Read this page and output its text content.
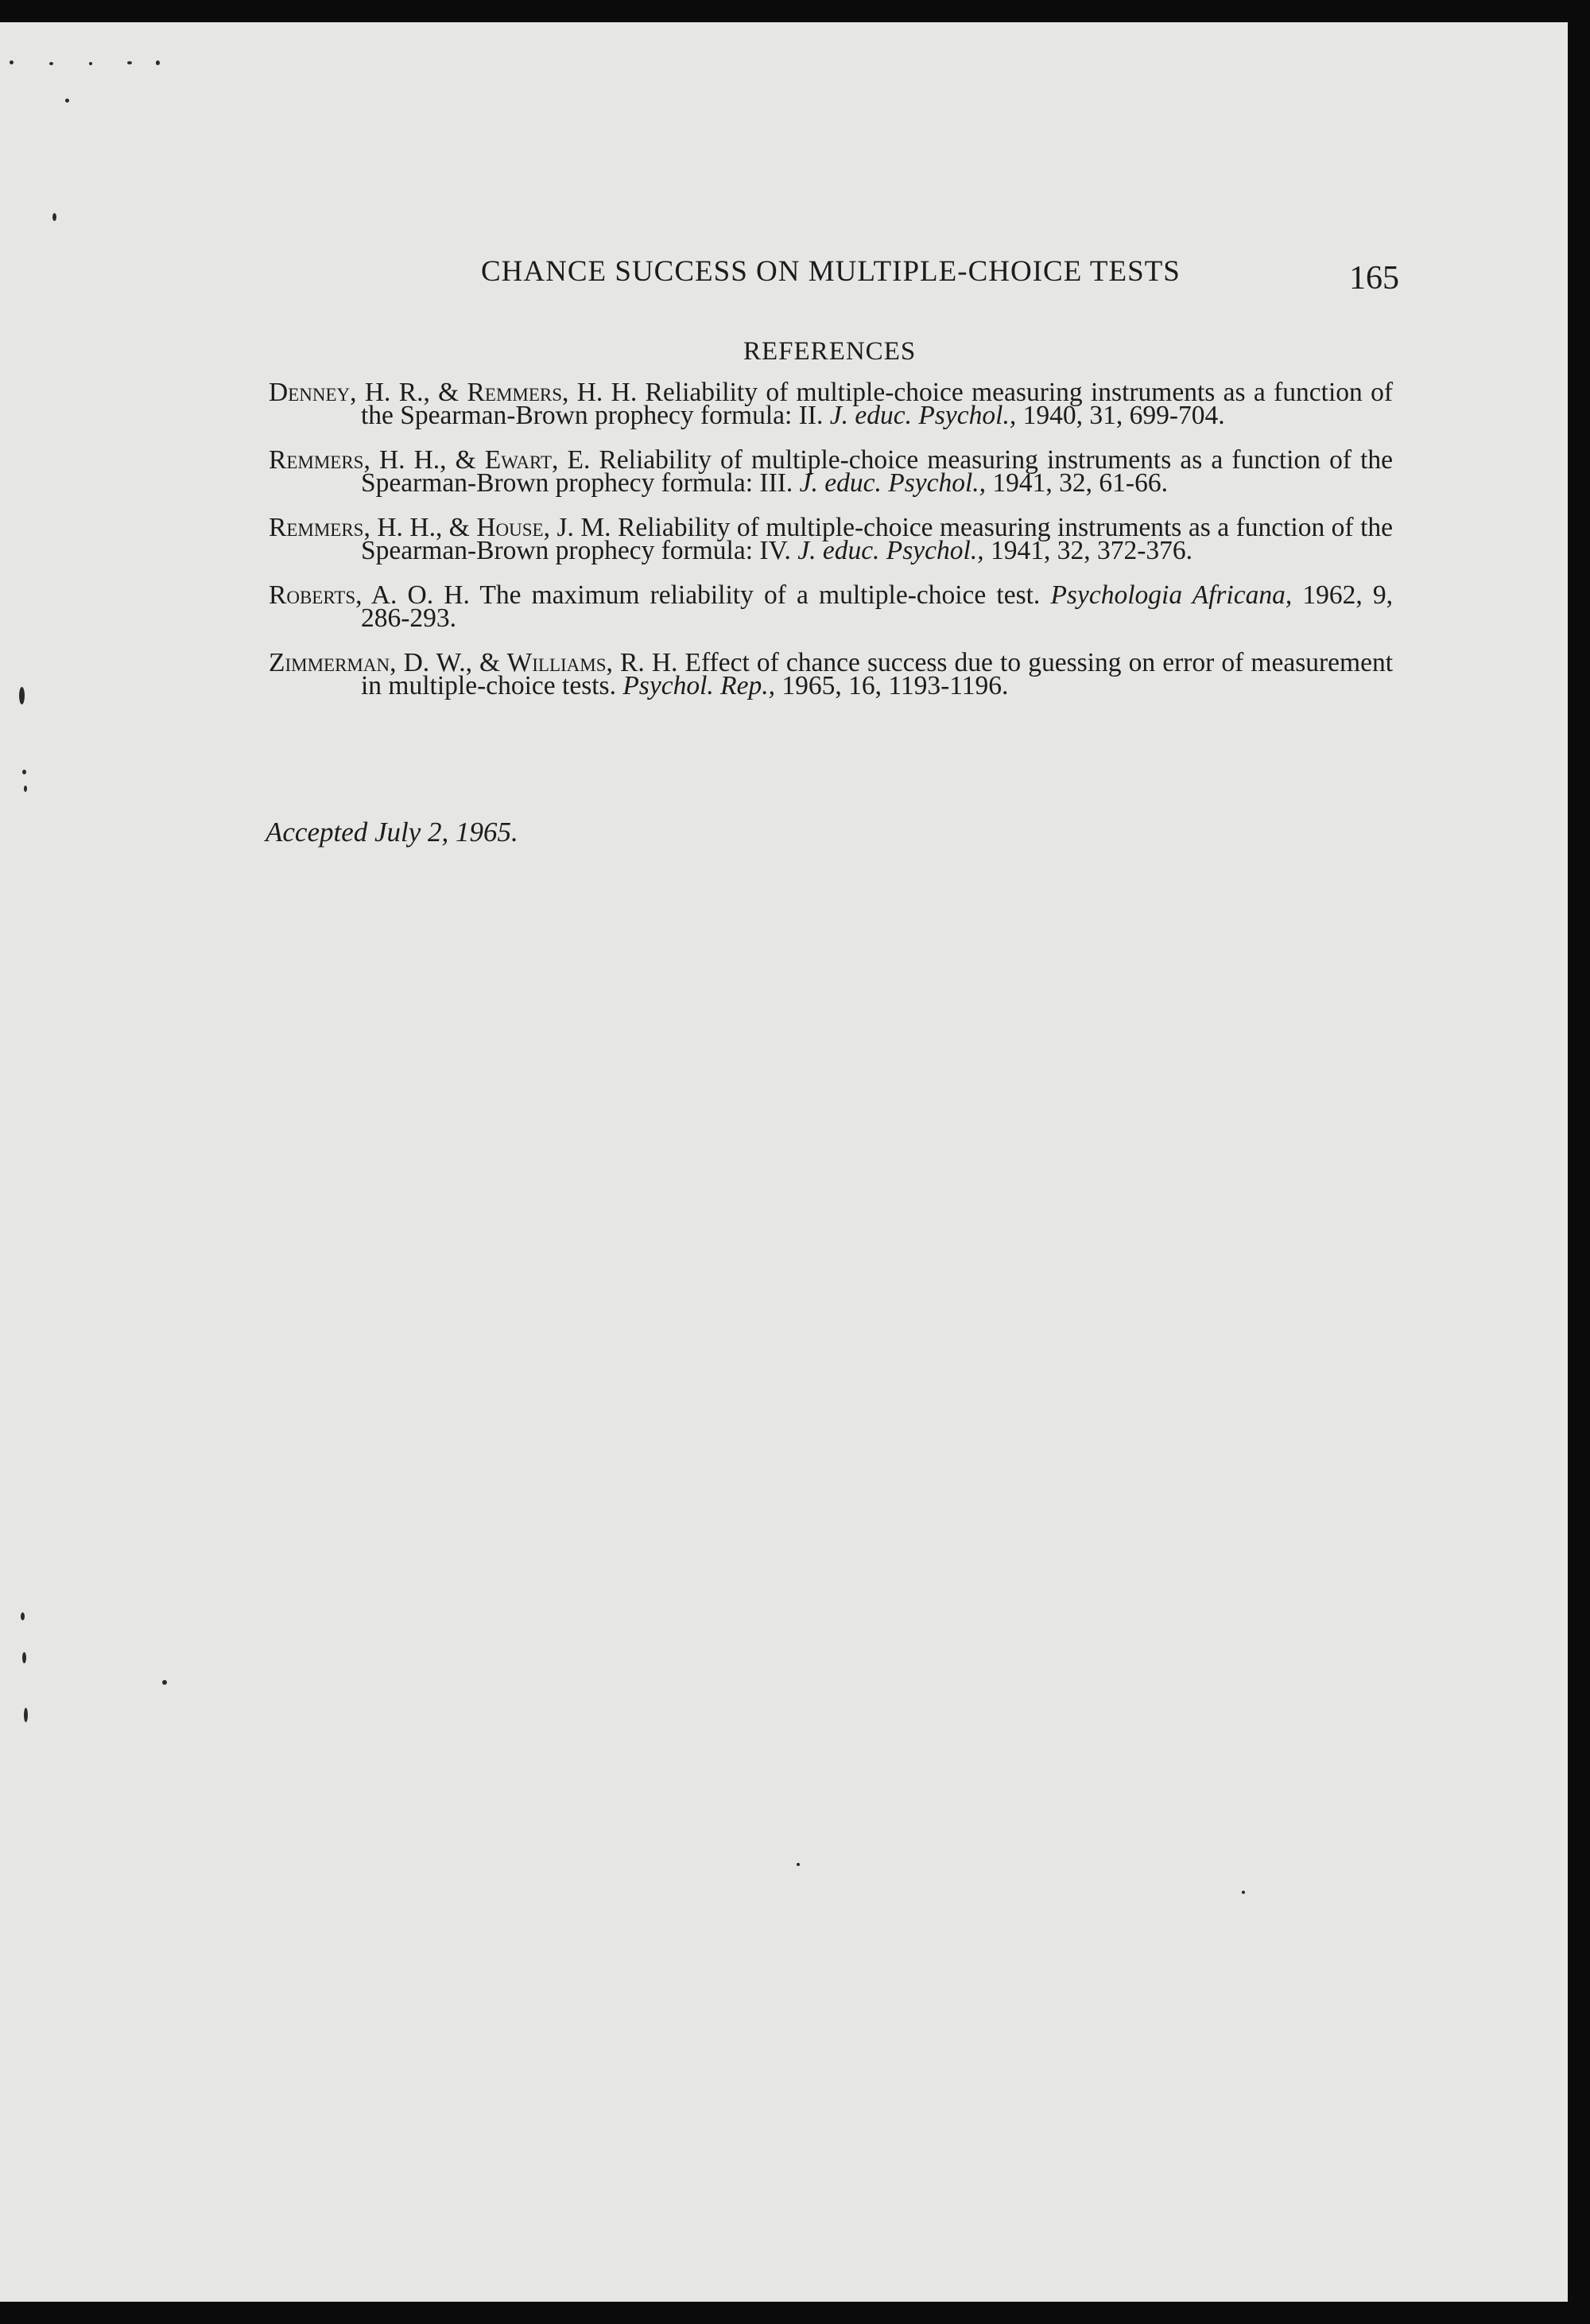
CHANCE SUCCESS ON MULTIPLE-CHOICE TESTS	165
REFERENCES

Denney, H. R., & Remmers, H. H. Reliability of multiple-choice measuring instruments as a function of the Spearman-Brown prophecy formula: II. J. educ. Psychol., 1940, 31, 699-704.

Remmers, H. H., & Ewart, E. Reliability of multiple-choice measuring instruments as a function of the Spearman-Brown prophecy formula: III. J. educ. Psychol., 1941, 32, 61-66.

Remmers, H. H., & House, J. M. Reliability of multiple-choice measuring instruments as a function of the Spearman-Brown prophecy formula: IV. J. educ. Psychol., 1941, 32, 372-376.

Roberts, A. O. H. The maximum reliability of a multiple-choice test. Psychologia Africana, 1962, 9, 286-293.

Zimmerman, D. W., & Williams, R. H. Effect of chance success due to guessing on error of measurement in multiple-choice tests. Psychol. Rep., 1965, 16, 1193-1196.

Accepted July 2, 1965.
